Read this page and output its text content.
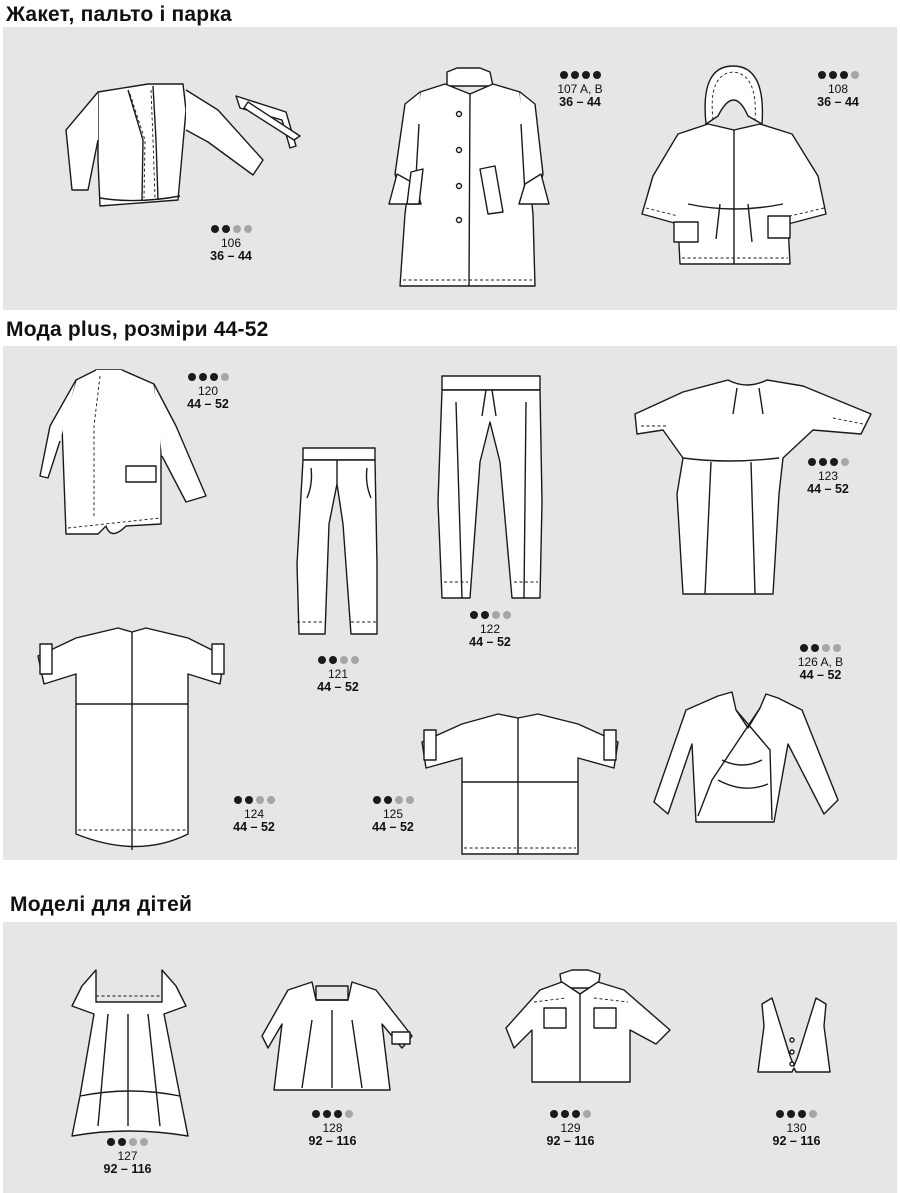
Жакет, пальто і парка
Мода plus, розміри 44-52
Моделі для дітей
106
36 – 44
107 A, B
36 – 44
108
36 – 44
120
44 – 52
121
44 – 52
122
44 – 52
123
44 – 52
124
44 – 52
125
44 – 52
126 A, B
44 – 52
127
92 – 116
128
92 – 116
129
92 – 116
130
92 – 116
